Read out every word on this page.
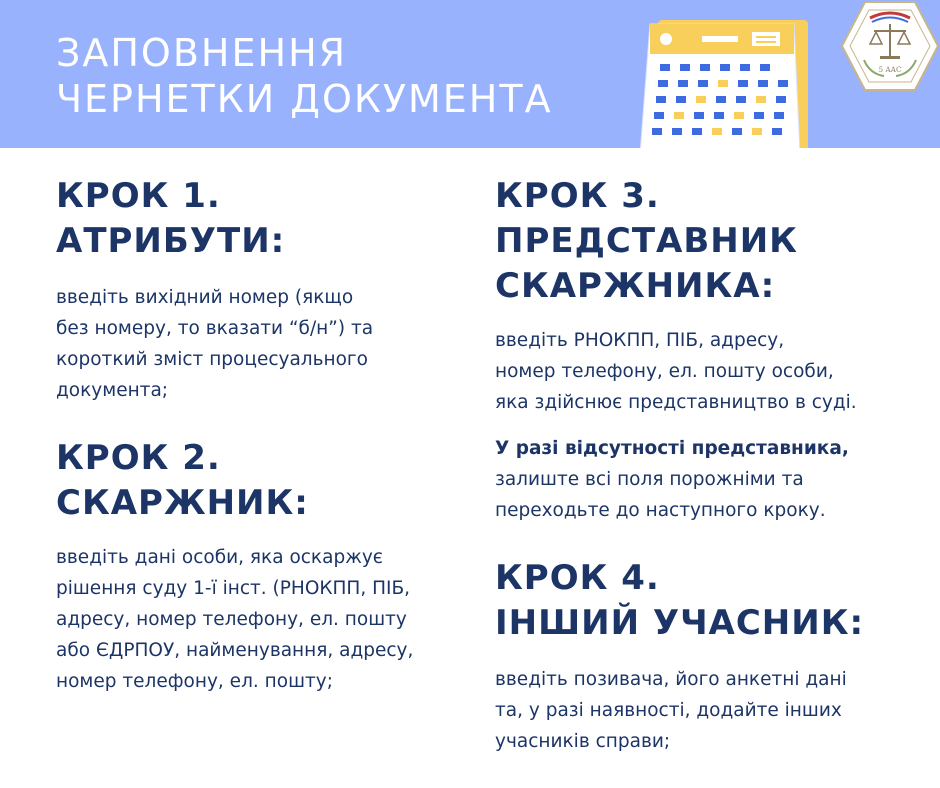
ЗАПОВНЕННЯ
ЧЕРНЕТКИ ДОКУМЕНТА
5 ААС
КРОК 1.
АТРИБУТИ:

введіть вихідний номер (якщо
без номеру, то вказати “б/н”) та
короткий зміст процесуального
документа;

КРОК 2.
СКАРЖНИК:

введіть дані особи, яка оскаржує
рішення суду 1-ї інст. (РНОКПП, ПІБ,
адресу, номер телефону, ел. пошту
або ЄДРПОУ, найменування, адресу,
номер телефону, ел. пошту;

КРОК 3.
ПРЕДСТАВНИК
СКАРЖНИКА:

введіть РНОКПП, ПІБ, адресу,
номер телефону, ел. пошту особи,
яка здійснює представництво в суді.

У разі відсутності представника,
залиште всі поля порожніми та
переходьте до наступного кроку.

КРОК 4.
ІНШИЙ УЧАСНИК:

введіть позивача, його анкетні дані
та, у разі наявності, додайте інших
учасників справи;
